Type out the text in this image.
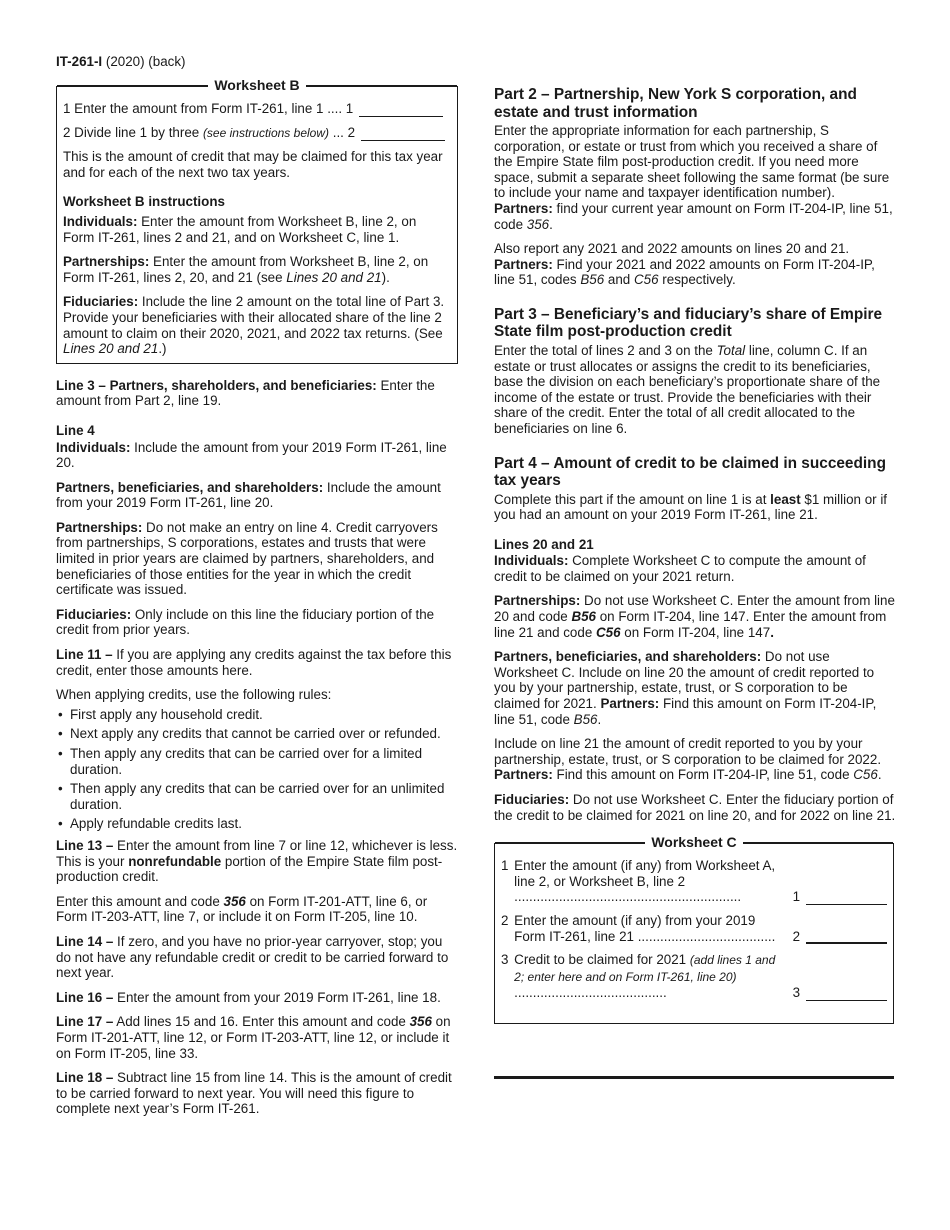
IT-261-I (2020) (back)
Worksheet B
1 Enter the amount from Form IT-261, line 1 .... 1
2 Divide line 1 by three (see instructions below) ... 2

This is the amount of credit that may be claimed for this tax year and for each of the next two tax years.

Worksheet B instructions

Individuals: Enter the amount from Worksheet B, line 2, on Form IT-261, lines 2 and 21, and on Worksheet C, line 1.

Partnerships: Enter the amount from Worksheet B, line 2, on Form IT-261, lines 2, 20, and 21 (see Lines 20 and 21).

Fiduciaries: Include the line 2 amount on the total line of Part 3. Provide your beneficiaries with their allocated share of the line 2 amount to claim on their 2020, 2021, and 2022 tax returns. (See Lines 20 and 21.)

Line 3 – Partners, shareholders, and beneficiaries: Enter the amount from Part 2, line 19.

Line 4

Individuals: Include the amount from your 2019 Form IT-261, line 20.

Partners, beneficiaries, and shareholders: Include the amount from your 2019 Form IT-261, line 20.

Partnerships: Do not make an entry on line 4. Credit carryovers from partnerships, S corporations, estates and trusts that were limited in prior years are claimed by partners, shareholders, and beneficiaries of those entities for the year in which the credit certificate was issued.

Fiduciaries: Only include on this line the fiduciary portion of the credit from prior years.

Line 11 – If you are applying any credits against the tax before this credit, enter those amounts here.

When applying credits, use the following rules:

• First apply any household credit.
• Next apply any credits that cannot be carried over or refunded.
• Then apply any credits that can be carried over for a limited duration.
• Then apply any credits that can be carried over for an unlimited duration.
• Apply refundable credits last.

Line 13 – Enter the amount from line 7 or line 12, whichever is less. This is your nonrefundable portion of the Empire State film post-production credit.

Enter this amount and code 356 on Form IT-201-ATT, line 6, or Form IT-203-ATT, line 7, or include it on Form IT-205, line 10.

Line 14 – If zero, and you have no prior-year carryover, stop; you do not have any refundable credit or credit to be carried forward to next year.

Line 16 – Enter the amount from your 2019 Form IT-261, line 18.

Line 17 – Add lines 15 and 16. Enter this amount and code 356 on Form IT-201-ATT, line 12, or Form IT-203-ATT, line 12, or include it on Form IT-205, line 33.

Line 18 – Subtract line 15 from line 14. This is the amount of credit to be carried forward to next year. You will need this figure to complete next year’s Form IT-261.

Part 2 – Partnership, New York S corporation, and estate and trust information

Enter the appropriate information for each partnership, S corporation, or estate or trust from which you received a share of the Empire State film post-production credit. If you need more space, submit a separate sheet following the same format (be sure to include your name and taxpayer identification number). Partners: find your current year amount on Form IT-204-IP, line 51, code 356.

Also report any 2021 and 2022 amounts on lines 20 and 21. Partners: Find your 2021 and 2022 amounts on Form IT-204-IP, line 51, codes B56 and C56 respectively.

Part 3 – Beneficiary’s and fiduciary’s share of Empire State film post-production credit

Enter the total of lines 2 and 3 on the Total line, column C. If an estate or trust allocates or assigns the credit to its beneficiaries, base the division on each beneficiary’s proportionate share of the income of the estate or trust. Provide the beneficiaries with their share of the credit. Enter the total of all credit allocated to the beneficiaries on line 6.

Part 4 – Amount of credit to be claimed in succeeding tax years

Complete this part if the amount on line 1 is at least $1 million or if you had an amount on your 2019 Form IT-261, line 21.

Lines 20 and 21

Individuals: Complete Worksheet C to compute the amount of credit to be claimed on your 2021 return.

Partnerships: Do not use Worksheet C. Enter the amount from line 20 and code B56 on Form IT-204, line 147. Enter the amount from line 21 and code C56 on Form IT-204, line 147.

Partners, beneficiaries, and shareholders: Do not use Worksheet C. Include on line 20 the amount of credit reported to you by your partnership, estate, trust, or S corporation to be claimed for 2021. Partners: Find this amount on Form IT-204-IP, line 51, code B56.

Include on line 21 the amount of credit reported to you by your partnership, estate, trust, or S corporation to be claimed for 2022. Partners: Find this amount on Form IT-204-IP, line 51, code C56.

Fiduciaries: Do not use Worksheet C. Enter the fiduciary portion of the credit to be claimed for 2021 on line 20, and for 2022 on line 21.

Worksheet C
1 Enter the amount (if any) from Worksheet A, line 2, or Worksheet B, line 2 .............................................................	1
2 Enter the amount (if any) from your 2019 Form IT-261, line 21 .....................................	2
3 Credit to be claimed for 2021 (add lines 1 and 2; enter here and on Form IT-261, line 20) .........................................	3
